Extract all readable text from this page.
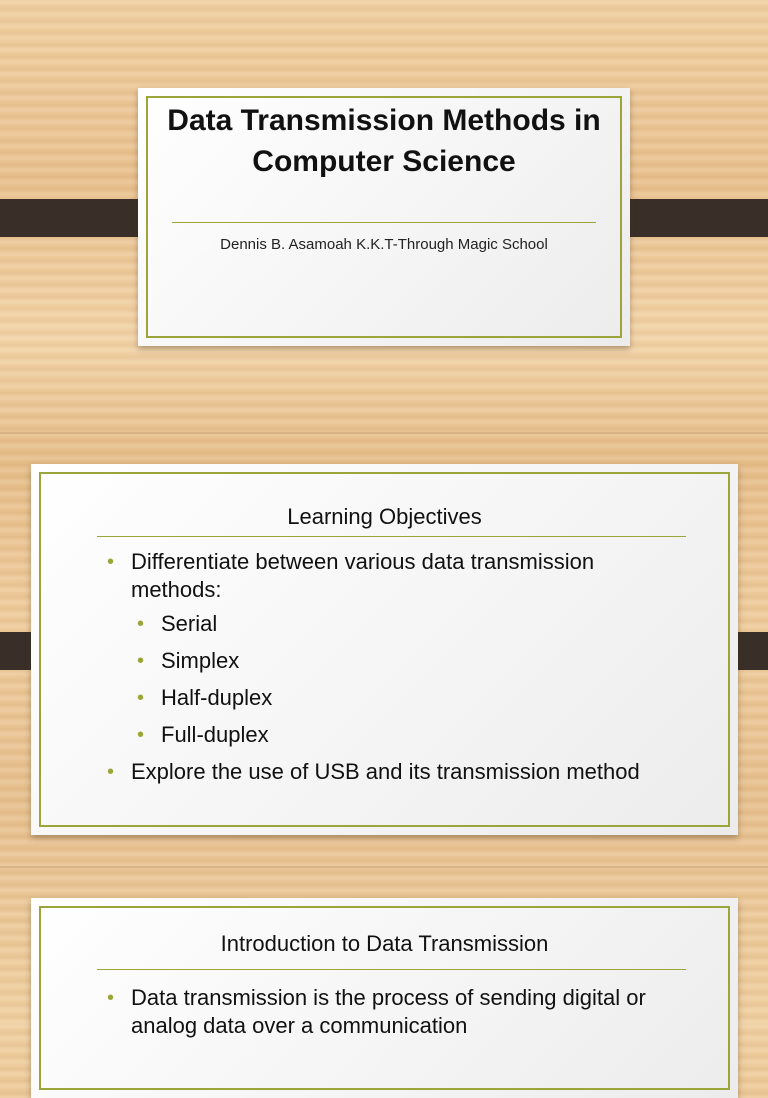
Data Transmission Methods in Computer Science
Dennis B. Asamoah K.K.T-Through Magic School
Learning Objectives
• Differentiate between various data transmission methods:
• Serial
• Simplex
• Half-duplex
• Full-duplex
• Explore the use of USB and its transmission method
Introduction to Data Transmission
• Data transmission is the process of sending digital or analog data over a communication
